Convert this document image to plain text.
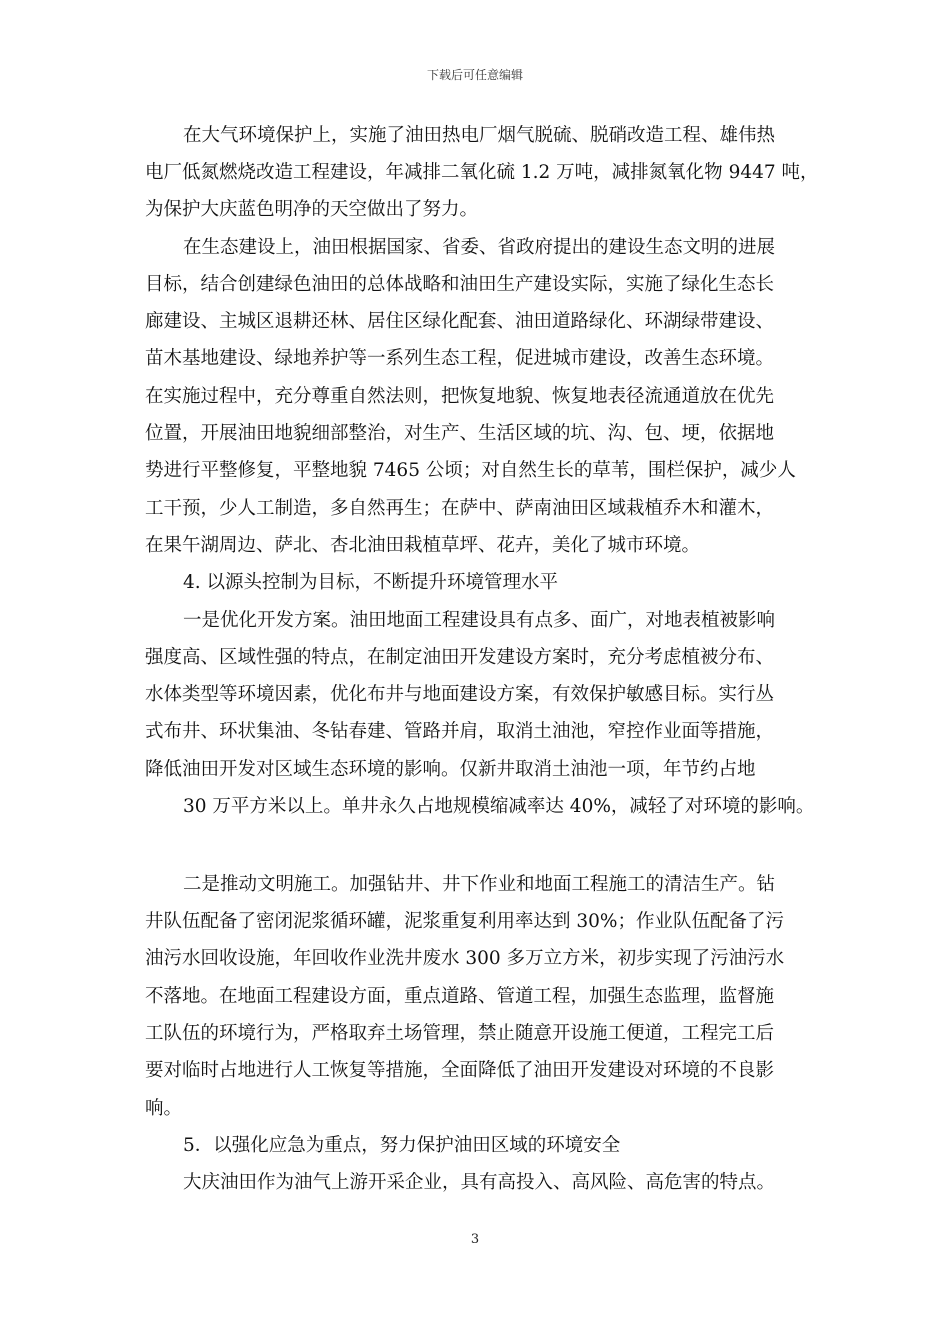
下载后可任意编辑
在大气环境保护上，实施了油田热电厂烟气脱硫、脱硝改造工程、雄伟热
电厂低氮燃烧改造工程建设，年减排二氧化硫 1.2 万吨，减排氮氧化物 9447 吨，
为保护大庆蓝色明净的天空做出了努力。
在生态建设上，油田根据国家、省委、省政府提出的建设生态文明的进展
目标，结合创建绿色油田的总体战略和油田生产建设实际，实施了绿化生态长
廊建设、主城区退耕还林、居住区绿化配套、油田道路绿化、环湖绿带建设、
苗木基地建设、绿地养护等一系列生态工程，促进城市建设，改善生态环境。
在实施过程中，充分尊重自然法则，把恢复地貌、恢复地表径流通道放在优先
位置，开展油田地貌细部整治，对生产、生活区域的坑、沟、包、埂，依据地
势进行平整修复，平整地貌 7465 公顷；对自然生长的草苇，围栏保护，减少人
工干预，少人工制造，多自然再生；在萨中、萨南油田区域栽植乔木和灌木，
在果午湖周边、萨北、杏北油田栽植草坪、花卉，美化了城市环境。
4. 以源头控制为目标，不断提升环境管理水平
一是优化开发方案。油田地面工程建设具有点多、面广，对地表植被影响
强度高、区域性强的特点，在制定油田开发建设方案时，充分考虑植被分布、
水体类型等环境因素，优化布井与地面建设方案，有效保护敏感目标。实行丛
式布井、环状集油、冬钻春建、管路并肩，取消土油池，窄控作业面等措施，
降低油田开发对区域生态环境的影响。仅新井取消土油池一项，年节约占地
30 万平方米以上。单井永久占地规模缩减率达 40%，减轻了对环境的影响。
二是推动文明施工。加强钻井、井下作业和地面工程施工的清洁生产。钻
井队伍配备了密闭泥浆循环罐，泥浆重复利用率达到 30%；作业队伍配备了污
油污水回收设施，年回收作业洗井废水 300 多万立方米，初步实现了污油污水
不落地。在地面工程建设方面，重点道路、管道工程，加强生态监理，监督施
工队伍的环境行为，严格取弃土场管理，禁止随意开设施工便道，工程完工后
要对临时占地进行人工恢复等措施，全面降低了油田开发建设对环境的不良影
响。
5．以强化应急为重点，努力保护油田区域的环境安全
大庆油田作为油气上游开采企业，具有高投入、高风险、高危害的特点。
3
